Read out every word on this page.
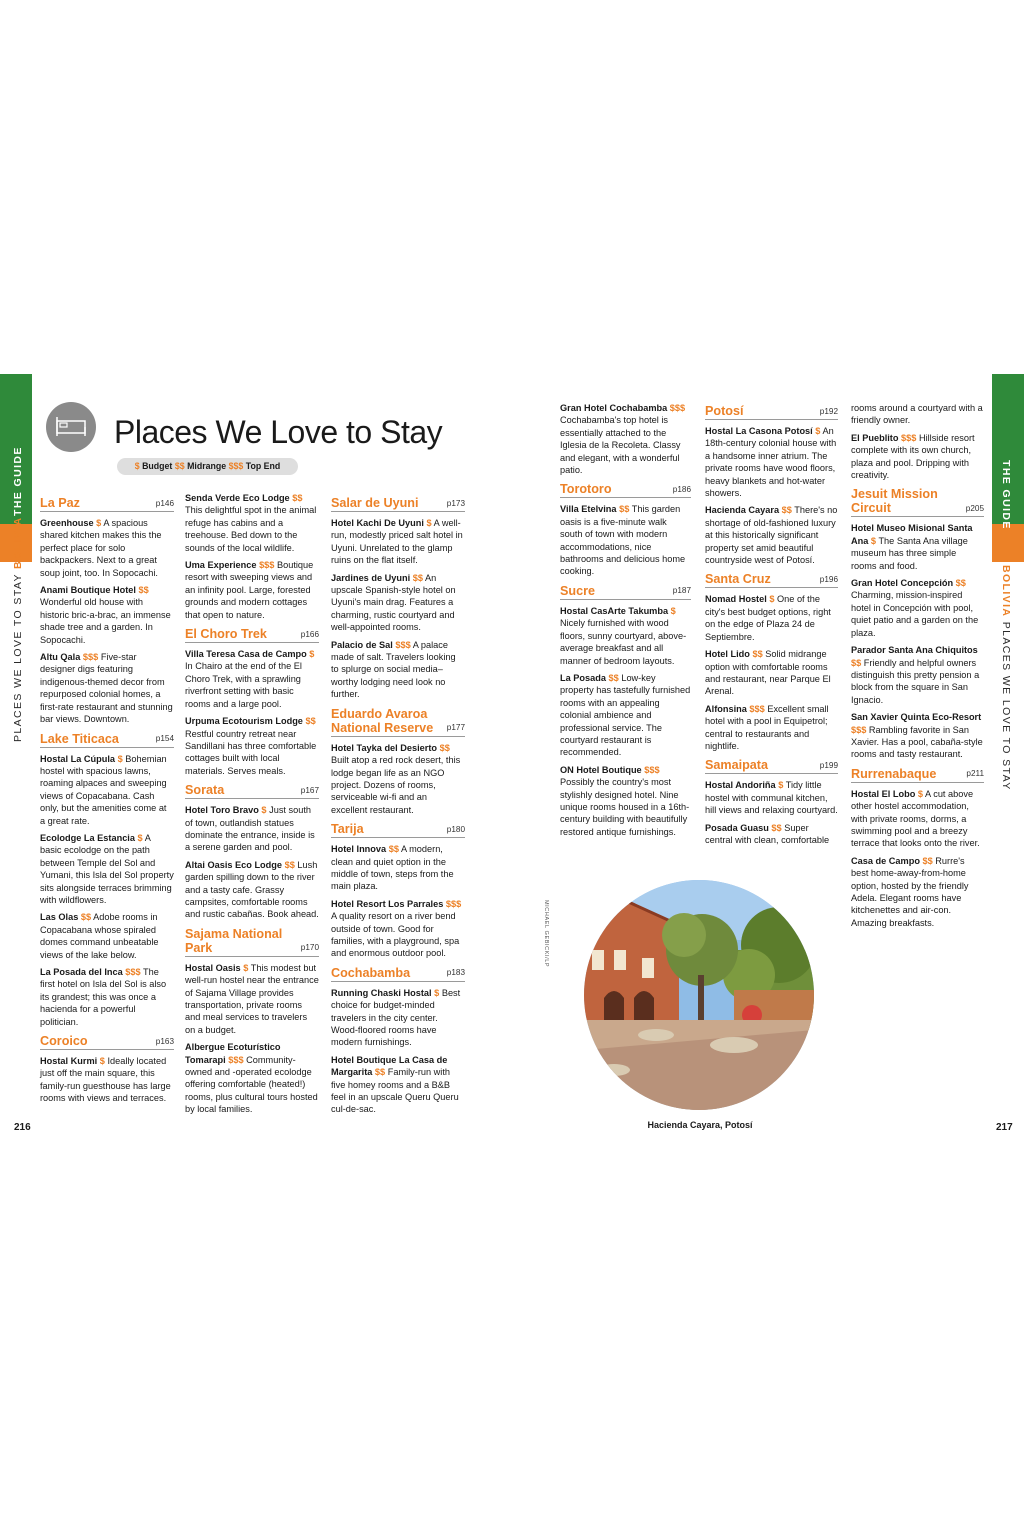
THE GUIDE
PLACES WE LOVE TO STAY BOLIVIA
THE GUIDE
BOLIVIA PLACES WE LOVE TO STAY
Places We Love to Stay
$ Budget $$ Midrange $$$ Top End
La Paz	p146

Greenhouse $ A spacious shared kitchen makes this the perfect place for solo backpackers. Next to a great soup joint, too. In Sopocachi.

Anami Boutique Hotel $$ Wonderful old house with historic bric-a-brac, an immense shade tree and a garden. In Sopocachi.

Altu Qala $$$ Five-star designer digs featuring indigenous-themed decor from repurposed colonial homes, a first-rate restaurant and stunning bar views. Downtown.

Lake Titicaca	p154

Hostal La Cúpula $ Bohemian hostel with spacious lawns, roaming alpaces and sweeping views of Copacabana. Cash only, but the amenities come at a great rate.

Ecolodge La Estancia $ A basic ecolodge on the path between Temple del Sol and Yumani, this Isla del Sol property sits alongside terraces brimming with wildflowers.

Las Olas $$ Adobe rooms in Copacabana whose spiraled domes command unbeatable views of the lake below.

La Posada del Inca $$$ The first hotel on Isla del Sol is also its grandest; this was once a hacienda for a powerful politician.

Coroico	p163

Hostal Kurmi $ Ideally located just off the main square, this family-run guesthouse has large rooms with views and terraces.

Senda Verde Eco Lodge $$ This delightful spot in the animal refuge has cabins and a treehouse. Bed down to the sounds of the local wildlife.

Uma Experience $$$ Boutique resort with sweeping views and an infinity pool. Large, forested grounds and modern cottages that open to nature.

El Choro Trek	p166

Villa Teresa Casa de Campo $ In Chairo at the end of the El Choro Trek, with a sprawling riverfront setting with basic rooms and a large pool.

Urpuma Ecotourism Lodge $$ Restful country retreat near Sandillani has three comfortable cottages built with local materials. Serves meals.

Sorata	p167

Hotel Toro Bravo $ Just south of town, outlandish statues dominate the entrance, inside is a serene garden and pool.

Altai Oasis Eco Lodge $$ Lush garden spilling down to the river and a tasty cafe. Grassy campsites, comfortable rooms and rustic cabañas. Book ahead.

Sajama National Park	p170

Hostal Oasis $ This modest but well-run hostel near the entrance of Sajama Village provides transportation, private rooms and meal services to travelers on a budget.

Albergue Ecoturístico Tomarapi $$$ Community-owned and -operated ecolodge offering comfortable (heated!) rooms, plus cultural tours hosted by local families.

Salar de Uyuni	p173

Hotel Kachi De Uyuni $ A well-run, modestly priced salt hotel in Uyuni. Unrelated to the glamp ruins on the flat itself.

Jardines de Uyuni $$ An upscale Spanish-style hotel on Uyuni's main drag. Features a charming, rustic courtyard and well-appointed rooms.

Palacio de Sal $$$ A palace made of salt. Travelers looking to splurge on social media–worthy lodging need look no further.

Eduardo Avaroa National Reserve	p177

Hotel Tayka del Desierto $$ Built atop a red rock desert, this lodge began life as an NGO project. Dozens of rooms, serviceable wi-fi and an excellent restaurant.

Tarija	p180

Hotel Innova $$ A modern, clean and quiet option in the middle of town, steps from the main plaza.

Hotel Resort Los Parrales $$$ A quality resort on a river bend outside of town. Good for families, with a playground, spa and enormous outdoor pool.

Cochabamba	p183

Running Chaski Hostal $ Best choice for budget-minded travelers in the city center. Wood-floored rooms have modern furnishings.

Hotel Boutique La Casa de Margarita $$ Family-run with five homey rooms and a B&B feel in an upscale Queru Queru cul-de-sac.

Gran Hotel Cochabamba $$$ Cochabamba's top hotel is essentially attached to the Iglesia de la Recoleta. Classy and elegant, with a wonderful patio.

Torotoro	p186

Villa Etelvina $$ This garden oasis is a five-minute walk south of town with modern accommodations, nice bathrooms and delicious home cooking.

Sucre	p187

Hostal CasArte Takumba $ Nicely furnished with wood floors, sunny courtyard, above-average breakfast and all manner of bedroom layouts.

La Posada $$ Low-key property has tastefully furnished rooms with an appealing colonial ambience and professional service. The courtyard restaurant is recommended.

ON Hotel Boutique $$$ Possibly the country's most stylishly designed hotel. Nine unique rooms housed in a 16th-century building with beautifully restored antique furnishings.

Potosí	p192

Hostal La Casona Potosí $ An 18th-century colonial house with a handsome inner atrium. The private rooms have wood floors, heavy blankets and hot-water showers.

Hacienda Cayara $$ There's no shortage of old-fashioned luxury at this historically significant property set amid beautiful countryside west of Potosí.

Santa Cruz	p196

Nomad Hostel $ One of the city's best budget options, right on the edge of Plaza 24 de Septiembre.

Hotel Lido $$ Solid midrange option with comfortable rooms and restaurant, near Parque El Arenal.

Alfonsina $$$ Excellent small hotel with a pool in Equipetrol; central to restaurants and nightlife.

Samaipata	p199

Hostal Andoriña $ Tidy little hostel with communal kitchen, hill views and relaxing courtyard.

Posada Guasu $$ Super central with clean, comfortable

rooms around a courtyard with a friendly owner.

El Pueblito $$$ Hillside resort complete with its own church, plaza and pool. Dripping with creativity.

Jesuit Mission Circuit	p205

Hotel Museo Misional Santa Ana $ The Santa Ana village museum has three simple rooms and food.

Gran Hotel Concepción $$ Charming, mission-inspired hotel in Concepción with pool, quiet patio and a garden on the plaza.

Parador Santa Ana Chiquitos $$ Friendly and helpful owners distinguish this pretty pension a block from the square in San Ignacio.

San Xavier Quinta Eco-Resort $$$ Rambling favorite in San Xavier. Has a pool, cabaña-style rooms and tasty restaurant.

Rurrenabaque	p211

Hostal El Lobo $ A cut above other hostel accommodation, with private rooms, dorms, a swimming pool and a breezy terrace that looks onto the river.

Casa de Campo $$ Rurre's best home-away-from-home option, hosted by the friendly Adela. Elegant rooms have kitchenettes and air-con. Amazing breakfasts.

MICHAEL GEBICKI/LP
Hacienda Cayara, Potosí
216	217
